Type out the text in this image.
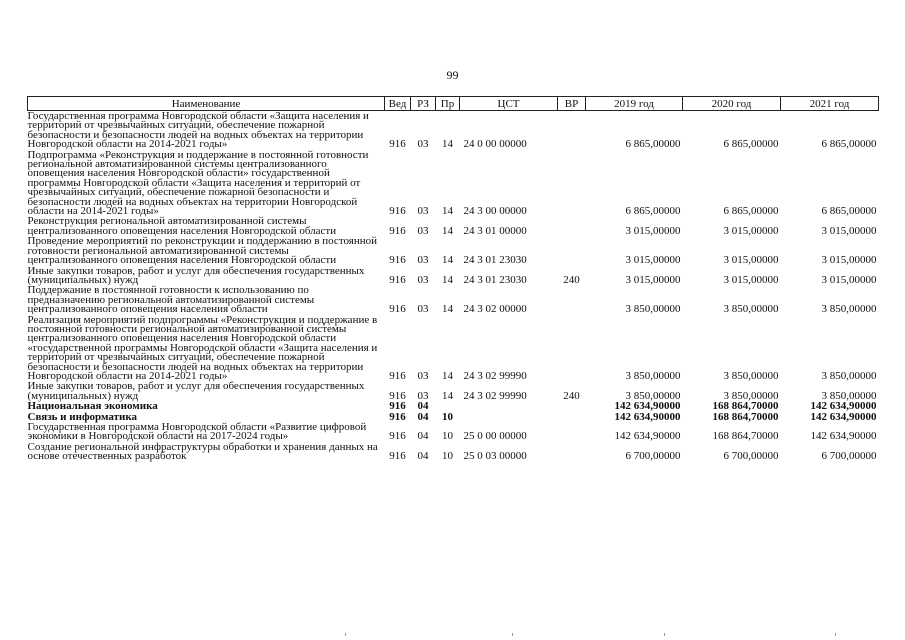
99
Наименование	Вед	РЗ	Пр	ЦСТ	ВР	2019 год	2020 год	2021 год
Государственная программа Новгородской области «Защита населения и территорий от чрезвычайных ситуаций, обеспечение пожарной безопасности и безопасности людей на водных объектах на территории Новгородской области на 2014-2021 годы»	916	03	14	24 0 00 00000		6 865,00000	6 865,00000	6 865,00000
Подпрограмма «Реконструкция и поддержание в постоянной готовности региональной автоматизированной системы централизованного оповещения населения Новгородской области» государственной программы Новгородской области «Защита населения и территорий от чрезвычайных ситуаций, обеспечение пожарной безопасности и безопасности людей на водных объектах на территории Новгородской области на 2014-2021 годы»	916	03	14	24 3 00 00000		6 865,00000	6 865,00000	6 865,00000
Реконструкция региональной автоматизированной системы централизованного оповещения населения Новгородской области	916	03	14	24 3 01 00000		3 015,00000	3 015,00000	3 015,00000
Проведение мероприятий по реконструкции и поддержанию в постоянной готовности региональной автоматизированной системы централизованного оповещения населения Новгородской области	916	03	14	24 3 01 23030		3 015,00000	3 015,00000	3 015,00000
Иные закупки товаров, работ и услуг для обеспечения государственных (муниципальных) нужд	916	03	14	24 3 01 23030	240	3 015,00000	3 015,00000	3 015,00000
Поддержание в постоянной готовности к использованию по предназначению региональной автоматизированной системы централизованного оповещения населения области	916	03	14	24 3 02 00000		3 850,00000	3 850,00000	3 850,00000
Реализация мероприятий подпрограммы «Реконструкция и поддержание в постоянной готовности региональной автоматизированной системы централизованного оповещения населения Новгородской области «государственной программы Новгородской области «Защита населения и территорий от чрезвычайных ситуаций, обеспечение пожарной безопасности и безопасности людей на водных объектах на территории Новгородской области на 2014-2021 годы»	916	03	14	24 3 02 99990		3 850,00000	3 850,00000	3 850,00000
Иные закупки товаров, работ и услуг для обеспечения государственных (муниципальных) нужд	916	03	14	24 3 02 99990	240	3 850,00000	3 850,00000	3 850,00000
Национальная экономика	916	04				142 634,90000	168 864,70000	142 634,90000
Связь и информатика	916	04	10			142 634,90000	168 864,70000	142 634,90000
Государственная программа Новгородской области «Развитие цифровой экономики в Новгородской области на 2017-2024 годы»	916	04	10	25 0 00 00000		142 634,90000	168 864,70000	142 634,90000
Создание региональной инфраструктуры обработки и хранения данных на основе отечественных разработок	916	04	10	25 0 03 00000		6 700,00000	6 700,00000	6 700,00000
